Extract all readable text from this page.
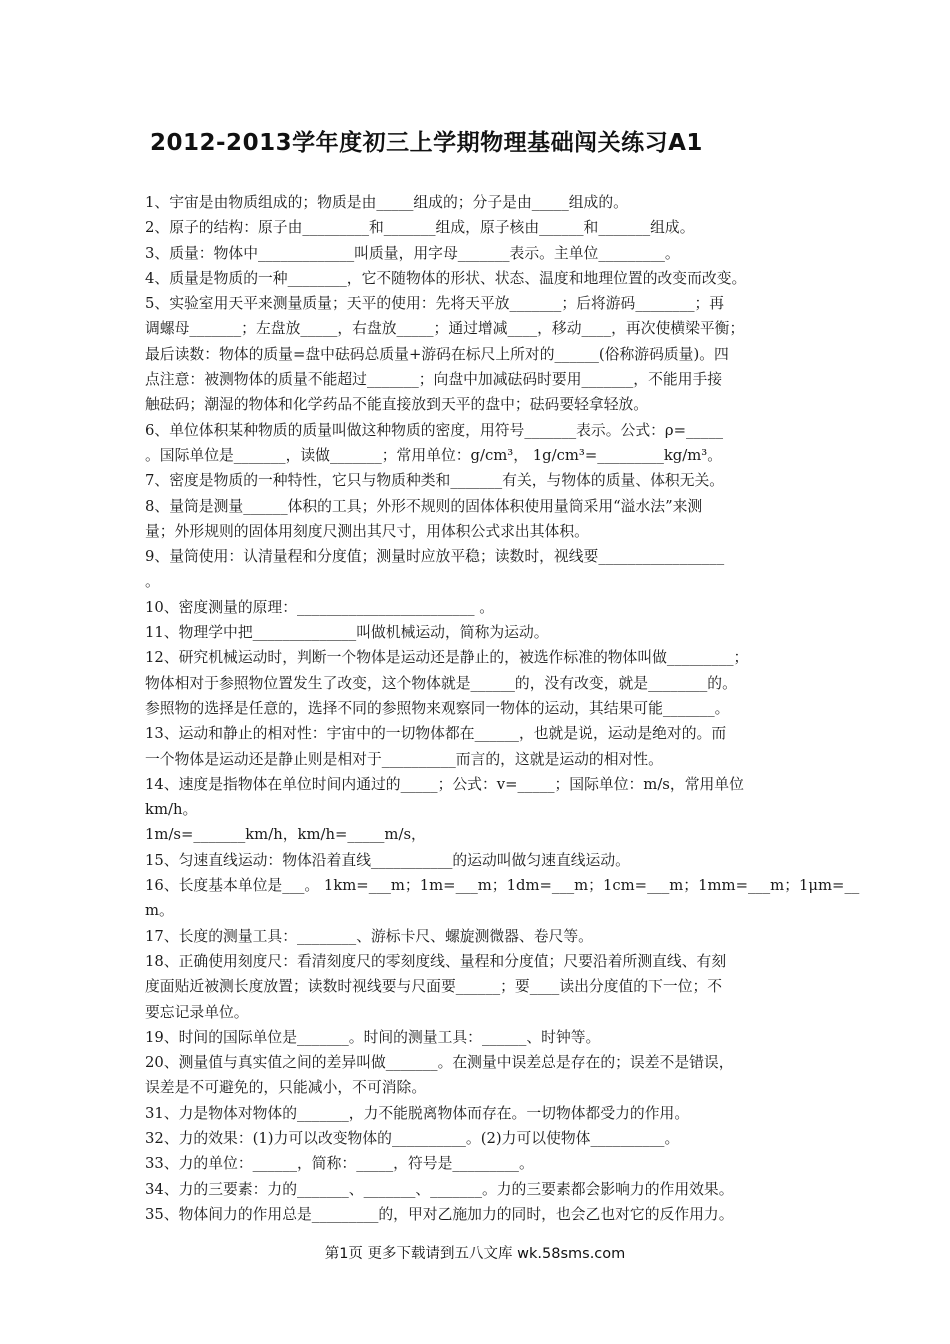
2012-2013学年度初三上学期物理基础闯关练习A1
1、宇宙是由物质组成的；物质是由_____组成的；分子是由_____组成的。
2、原子的结构：原子由_________和_______组成，原子核由______和_______组成。
3、质量：物体中_____________叫质量，用字母_______表示。主单位_________。
4、质量是物质的一种________，它不随物体的形状、状态、温度和地理位置的改变而改变。
5、实验室用天平来测量质量；天平的使用：先将天平放_______；后将游码________；再
调螺母_______；左盘放_____，右盘放_____；通过增减____，移动____，再次使横梁平衡；
最后读数：物体的质量=盘中砝码总质量+游码在标尺上所对的______(俗称游码质量)。四
点注意：被测物体的质量不能超过_______；向盘中加减砝码时要用_______，不能用手接
触砝码；潮湿的物体和化学药品不能直接放到天平的盘中；砝码要轻拿轻放。
6、单位体积某种物质的质量叫做这种物质的密度，用符号_______表示。公式：ρ=_____
。国际单位是_______，读做_______；常用单位：g/cm³， 1g/cm³=_________kg/m³。
7、密度是物质的一种特性，它只与物质种类和_______有关，与物体的质量、体积无关。
8、量筒是测量______体积的工具；外形不规则的固体体积使用量筒采用“溢水法”来测
量；外形规则的固体用刻度尺测出其尺寸，用体积公式求出其体积。
9、量筒使用：认清量程和分度值；测量时应放平稳；读数时，视线要_________________
。
10、密度测量的原理：________________________ 。
11、物理学中把______________叫做机械运动，简称为运动。
12、研究机械运动时，判断一个物体是运动还是静止的，被选作标准的物体叫做_________；
物体相对于参照物位置发生了改变，这个物体就是______的，没有改变，就是________的。
参照物的选择是任意的，选择不同的参照物来观察同一物体的运动，其结果可能_______。
13、运动和静止的相对性：宇宙中的一切物体都在______，也就是说，运动是绝对的。而
一个物体是运动还是静止则是相对于__________而言的，这就是运动的相对性。
14、速度是指物体在单位时间内通过的_____；公式：v=_____；国际单位：m/s，常用单位
km/h。
1m/s=_______km/h，km/h=_____m/s，
15、匀速直线运动：物体沿着直线___________的运动叫做匀速直线运动。
16、长度基本单位是___。 1km=___m；1m=___m；1dm=___m；1cm=___m；1mm=___m；1μm=__
m。
17、长度的测量工具：________、游标卡尺、螺旋测微器、卷尺等。
18、正确使用刻度尺：看清刻度尺的零刻度线、量程和分度值；尺要沿着所测直线、有刻
度面贴近被测长度放置；读数时视线要与尺面要______；要____读出分度值的下一位；不
要忘记录单位。
19、时间的国际单位是_______。时间的测量工具：______、时钟等。
20、测量值与真实值之间的差异叫做_______。在测量中误差总是存在的；误差不是错误，
误差是不可避免的，只能减小，不可消除。
31、力是物体对物体的_______，力不能脱离物体而存在。一切物体都受力的作用。
32、力的效果：(1)力可以改变物体的__________。(2)力可以使物体__________。
33、力的单位：______，简称：_____，符号是_________。
34、力的三要素：力的_______、_______、_______。力的三要素都会影响力的作用效果。
35、物体间力的作用总是_________的，甲对乙施加力的同时，也会乙也对它的反作用力。
第1页 更多下载请到五八文库 wk.58sms.com
